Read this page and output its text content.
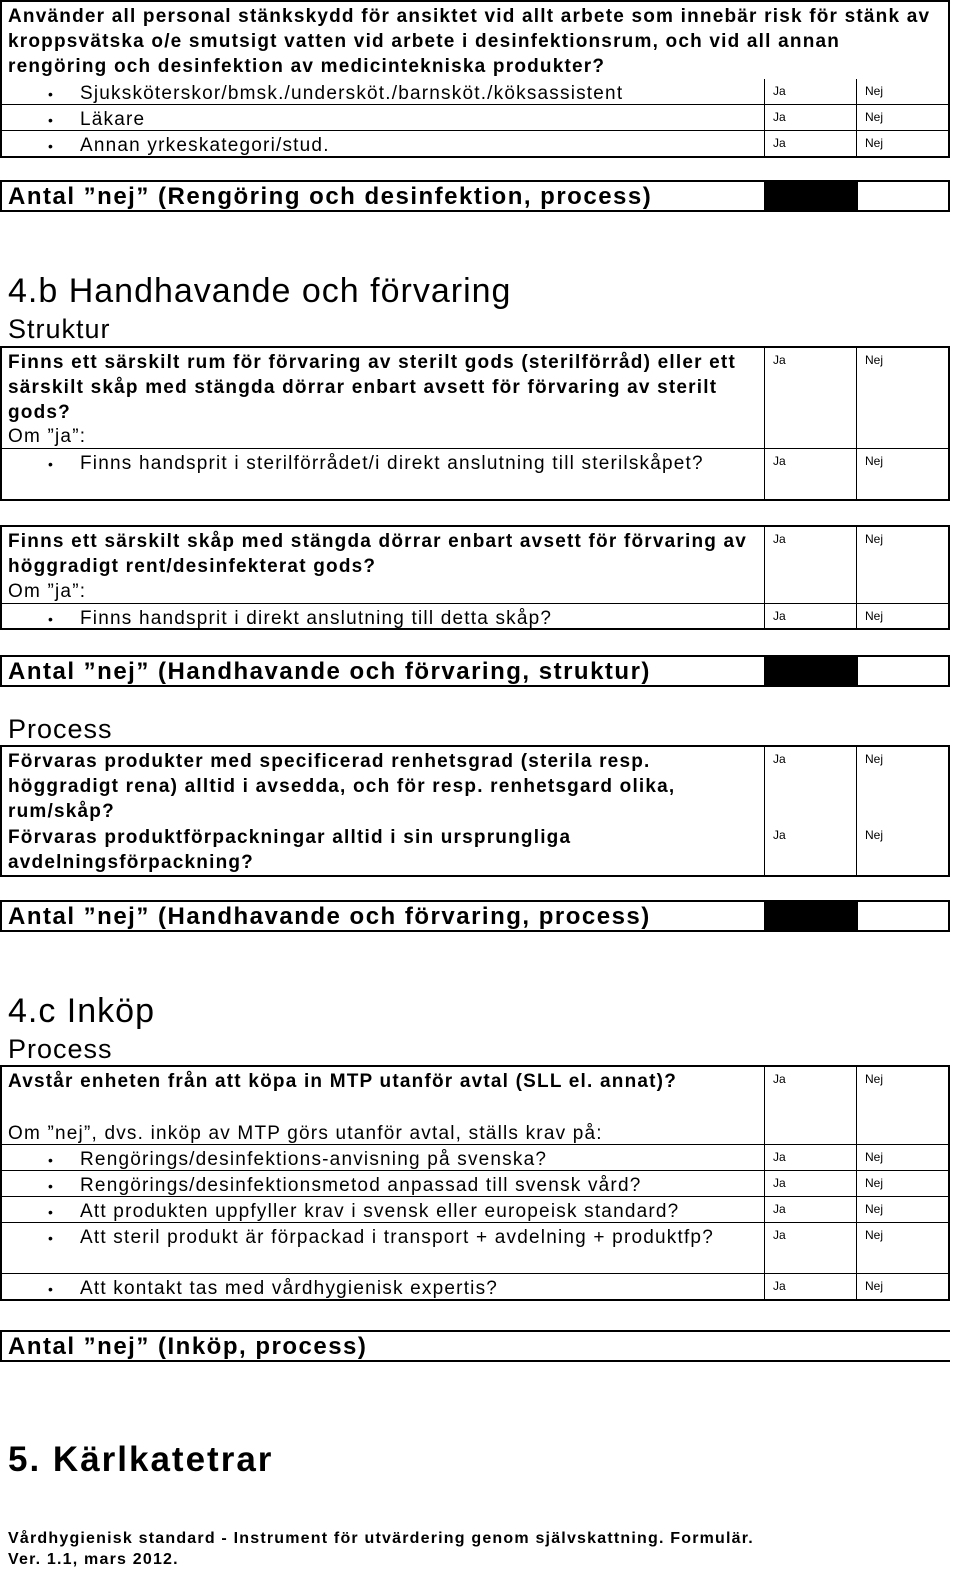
Använder all personal stänkskydd för ansiktet vid allt arbete som innebär risk för stänk av kroppsvätska o/e smutsigt vatten vid arbete i desinfektionsrum, och vid all annan rengöring och desinfektion av medicintekniska produkter?
•	Sjuksköterskor/bmsk./undersköt./barnsköt./köksassistent	Ja	Nej
•	Läkare	Ja	Nej
•	Annan yrkeskategori/stud.	Ja	Nej
Antal ”nej” (Rengöring och desinfektion, process)
4.b Handhavande och förvaring
Struktur
Finns ett särskilt rum för förvaring av sterilt gods (sterilförråd) eller ett särskilt skåp med stängda dörrar enbart avsett för förvaring av sterilt gods?
Ja	Nej
Om ”ja”:
•	Finns handsprit i sterilförrådet/i direkt anslutning till sterilskåpet?	Ja	Nej
Finns ett särskilt skåp med stängda dörrar enbart avsett för förvaring av höggradigt rent/desinfekterat gods?
Ja	Nej
Om ”ja”:
•	Finns handsprit i direkt anslutning till detta skåp?	Ja	Nej
Antal ”nej” (Handhavande och förvaring, struktur)
Process
Förvaras produkter med specificerad renhetsgrad (sterila resp. höggradigt rena) alltid i avsedda, och för resp. renhetsgard olika, rum/skåp?
Ja	Nej
Förvaras produktförpackningar alltid i sin ursprungliga avdelningsförpackning?
Ja	Nej
Antal ”nej” (Handhavande och förvaring, process)
4.c Inköp
Process
Avstår enheten från att köpa in MTP utanför avtal (SLL el. annat)?	Ja	Nej
Om ”nej”, dvs. inköp av MTP görs utanför avtal, ställs krav på:
•	Rengörings/desinfektions-anvisning på svenska?	Ja	Nej
•	Rengörings/desinfektionsmetod anpassad till svensk vård?	Ja	Nej
•	Att produkten uppfyller krav i svensk eller europeisk standard?	Ja	Nej
•	Att steril produkt är förpackad i transport + avdelning + produktfp?	Ja	Nej
•	Att kontakt tas med vårdhygienisk expertis?	Ja	Nej
Antal ”nej” (Inköp, process)
5. Kärlkatetrar
Vårdhygienisk standard - Instrument för utvärdering genom självskattning. Formulär.
Ver. 1.1, mars 2012.
